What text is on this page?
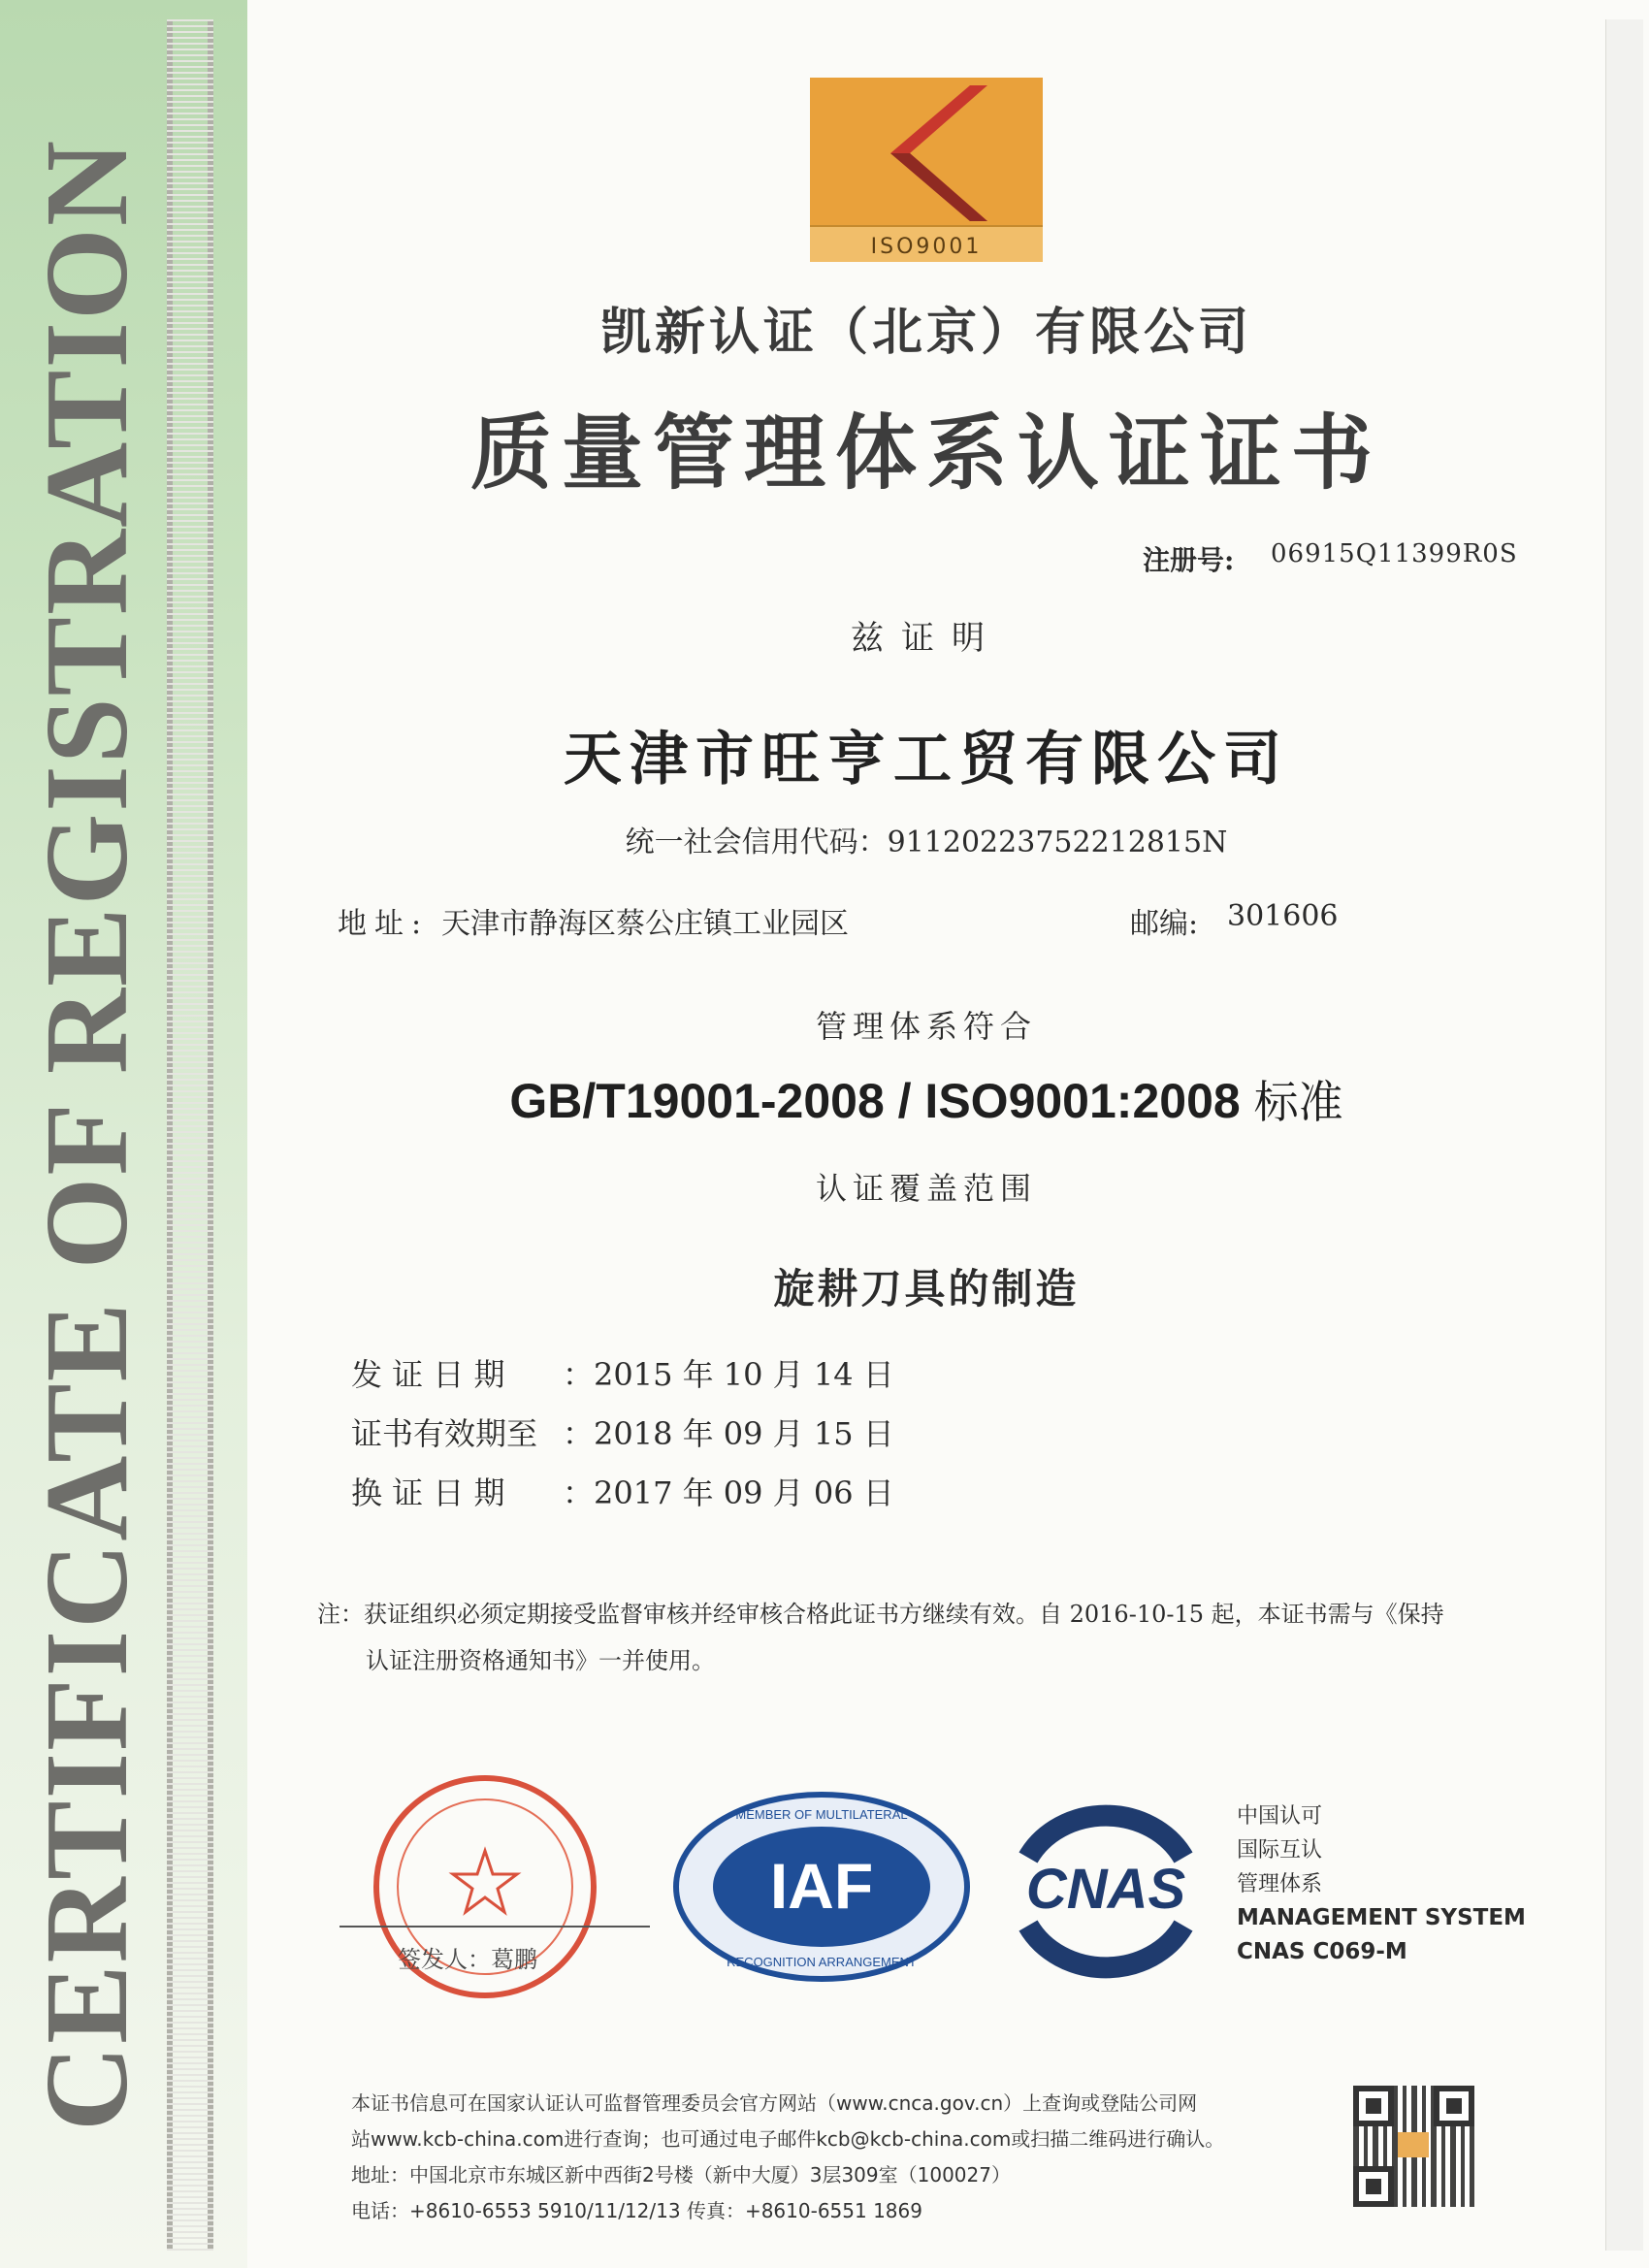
CERTIFICATE OF REGISTRATION	ISO9001
凯新认证（北京）有限公司
质量管理体系认证证书
注册号: 06915Q11399R0S
兹证明
天津市旺亨工贸有限公司
统一社会信用代码：91120223752212815N
地址: 天津市静海区蔡公庄镇工业园区	邮编: 301606
管理体系符合
GB/T19001-2008 / ISO9001:2008 标准
认证覆盖范围
旋耕刀具的制造
发 证 日 期 ：2015 年 10 月 14 日
证书有效期至 ：2018 年 09 月 15 日
换 证 日 期 ：2017 年 09 月 06 日
注：获证组织必须定期接受监督审核并经审核合格此证书方继续有效。自 2016-10-15 起，本证书需与《保持
认证注册资格通知书》一并使用。
签发人：葛鹏
IAF
MEMBER OF MULTILATERAL
RECOGNITION ARRANGEMENT
CNAS
中国认可
国际互认
管理体系
MANAGEMENT SYSTEM
CNAS C069-M
本证书信息可在国家认证认可监督管理委员会官方网站（www.cnca.gov.cn）上查询或登陆公司网
站www.kcb-china.com进行查询；也可通过电子邮件kcb@kcb-china.com或扫描二维码进行确认。
地址：中国北京市东城区新中西街2号楼（新中大厦）3层309室（100027）
电话：+8610-6553 5910/11/12/13 传真：+8610-6551 1869
